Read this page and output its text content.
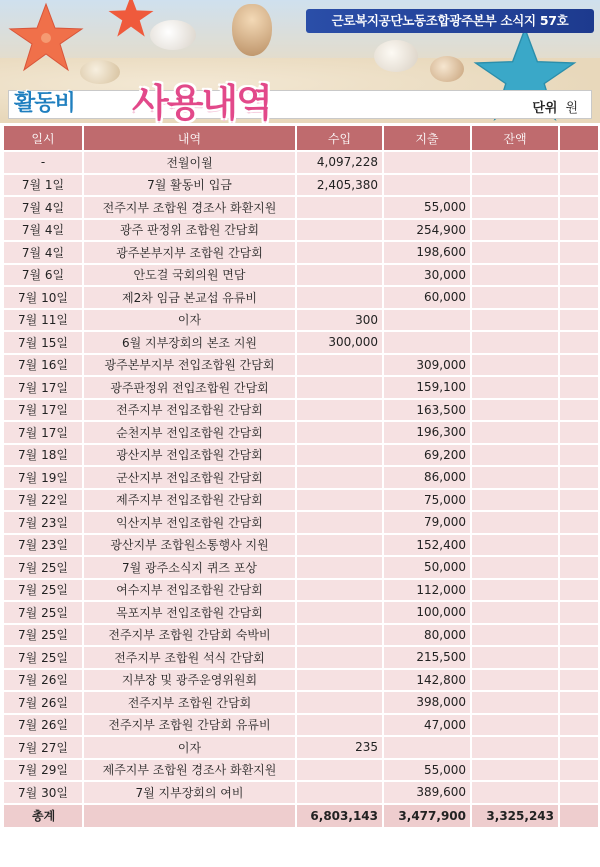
근로복지공단노동조합광주본부 소식지 57호
활동비 사용내역	단위 원
일시	내역	수입	지출	잔액	
-	전월이월	4,097,228			
7월 1일	7월 활동비 입금	2,405,380			
7월 4일	전주지부 조합원 경조사 화환지원		55,000		
7월 4일	광주 판정위 조합원 간담회		254,900		
7월 4일	광주본부지부 조합원 간담회		198,600		
7월 6일	안도걸 국회의원 면담		30,000		
7월 10일	제2차 임금 본교섭 유류비		60,000		
7월 11일	이자	300			
7월 15일	6월 지부장회의 본조 지원	300,000			
7월 16일	광주본부지부 전입조합원 간담회		309,000		
7월 17일	광주판정위 전입조합원 간담회		159,100		
7월 17일	전주지부 전입조합원 간담회		163,500		
7월 17일	순천지부 전입조합원 간담회		196,300		
7월 18일	광산지부 전입조합원 간담회		69,200		
7월 19일	군산지부 전입조합원 간담회		86,000		
7월 22일	제주지부 전입조합원 간담회		75,000		
7월 23일	익산지부 전입조합원 간담회		79,000		
7월 23일	광산지부 조합원소통행사 지원		152,400		
7월 25일	7월 광주소식지 퀴즈 포상		50,000		
7월 25일	여수지부 전입조합원 간담회		112,000		
7월 25일	목포지부 전입조합원 간담회		100,000		
7월 25일	전주지부 조합원 간담회 숙박비		80,000		
7월 25일	전주지부 조합원 석식 간담회		215,500		
7월 26일	지부장 및 광주운영위원회		142,800		
7월 26일	전주지부 조합원 간담회		398,000		
7월 26일	전주지부 조합원 간담회 유류비		47,000		
7월 27일	이자	235			
7월 29일	제주지부 조합원 경조사 화환지원		55,000		
7월 30일	7월 지부장회의 여비		389,600		
총계		6,803,143	3,477,900	3,325,243	
